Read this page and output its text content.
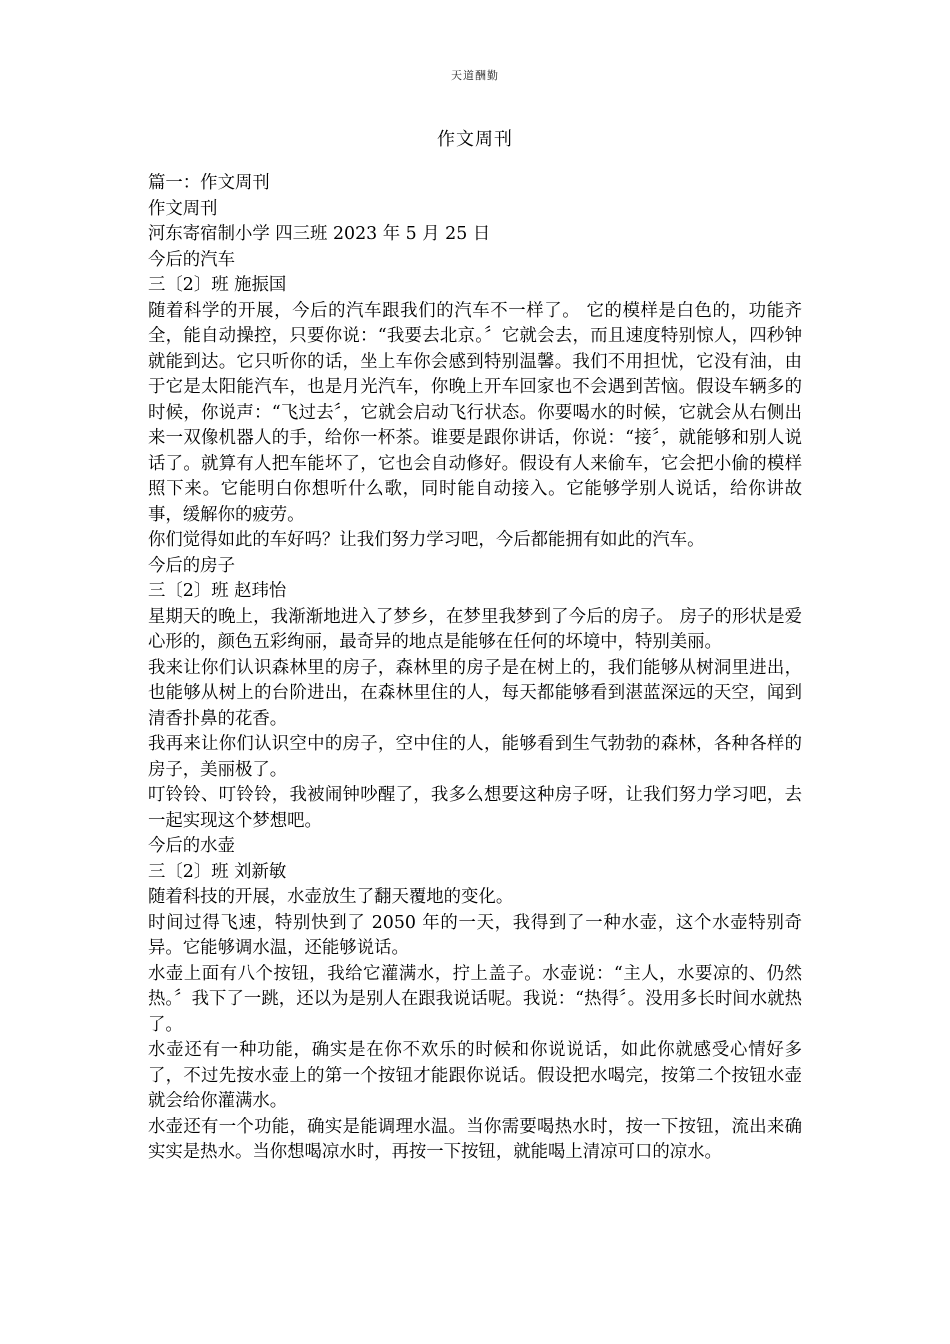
天道酬勤
作文周刊

篇一：作文周刊

作文周刊

河东寄宿制小学 四三班 2023 年 5 月 25 日

今后的汽车

三〔2〕班 施振国

随着科学的开展，今后的汽车跟我们的汽车不一样了。 它的模样是白色的，功能齐全，能自动操控，只要你说：“我要去北京。〞它就会去，而且速度特别惊人，四秒钟就能到达。它只听你的话，坐上车你会感到特别温馨。我们不用担忧，它没有油，由于它是太阳能汽车，也是月光汽车，你晚上开车回家也不会遇到苦恼。假设车辆多的时候，你说声：“飞过去〞，它就会启动飞行状态。你要喝水的时候，它就会从右侧出来一双像机器人的手，给你一杯茶。谁要是跟你讲话，你说：“接〞，就能够和别人说话了。就算有人把车能坏了，它也会自动修好。假设有人来偷车，它会把小偷的模样照下来。它能明白你想听什么歌，同时能自动接入。它能够学别人说话，给你讲故事，缓解你的疲劳。

你们觉得如此的车好吗？让我们努力学习吧，今后都能拥有如此的汽车。

今后的房子

三〔2〕班 赵玮怡

星期天的晚上，我渐渐地进入了梦乡，在梦里我梦到了今后的房子。 房子的形状是爱心形的，颜色五彩绚丽，最奇异的地点是能够在任何的坏境中，特别美丽。

我来让你们认识森林里的房子，森林里的房子是在树上的，我们能够从树洞里进出，也能够从树上的台阶进出，在森林里住的人，每天都能够看到湛蓝深远的天空，闻到清香扑鼻的花香。

我再来让你们认识空中的房子，空中住的人，能够看到生气勃勃的森林，各种各样的房子，美丽极了。

叮铃铃、叮铃铃，我被闹钟吵醒了，我多么想要这种房子呀，让我们努力学习吧，去一起实现这个梦想吧。

今后的水壶

三〔2〕班 刘新敏

随着科技的开展，水壶放生了翻天覆地的变化。

时间过得飞速，特别快到了 2050 年的一天，我得到了一种水壶，这个水壶特别奇异。它能够调水温，还能够说话。

水壶上面有八个按钮，我给它灌满水，拧上盖子。水壶说：“主人，水要凉的、仍然热。〞我下了一跳，还以为是别人在跟我说话呢。我说：“热得〞。没用多长时间水就热了。

水壶还有一种功能，确实是在你不欢乐的时候和你说说话，如此你就感受心情好多了，不过先按水壶上的第一个按钮才能跟你说话。假设把水喝完，按第二个按钮水壶就会给你灌满水。

水壶还有一个功能，确实是能调理水温。当你需要喝热水时，按一下按钮，流出来确实实是热水。当你想喝凉水时，再按一下按钮，就能喝上清凉可口的凉水。
